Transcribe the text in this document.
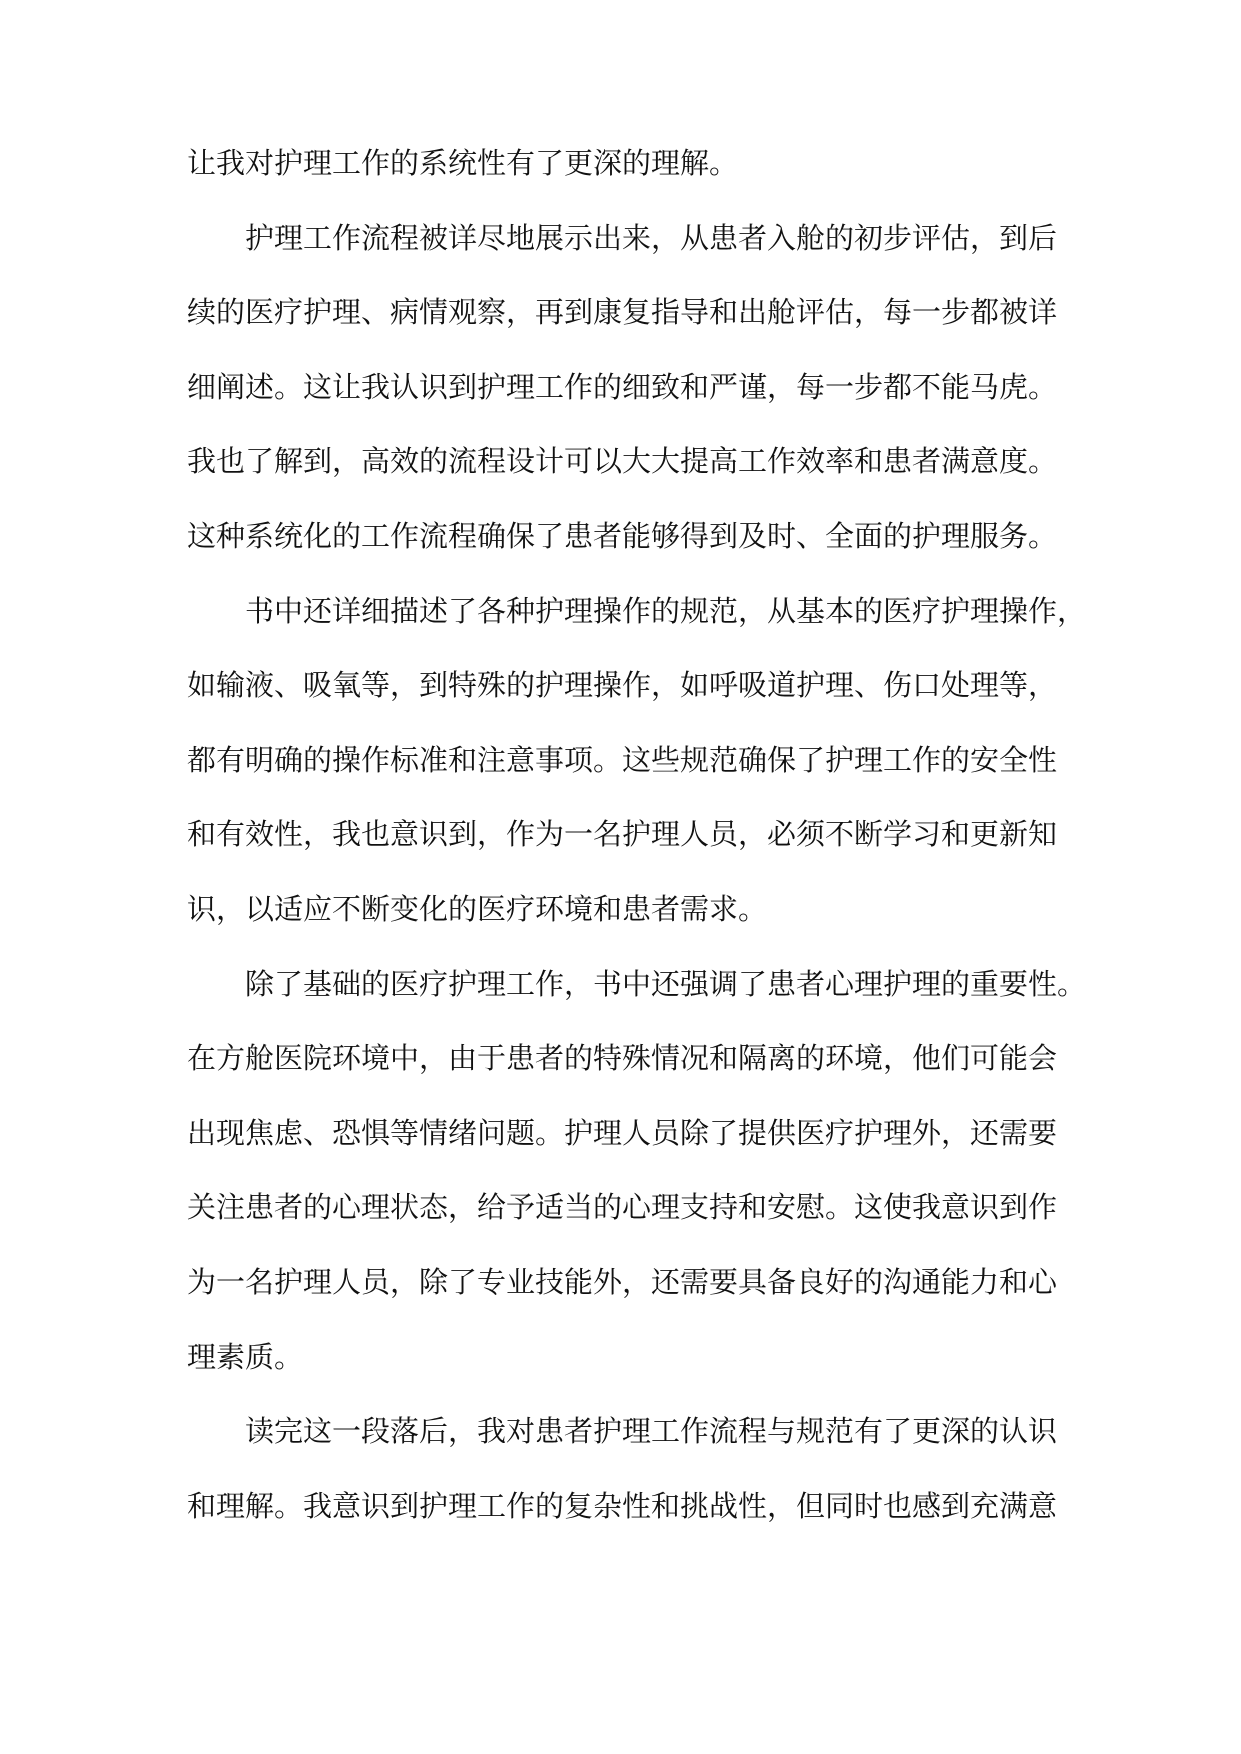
让我对护理工作的系统性有了更深的理解。
护理工作流程被详尽地展示出来，从患者入舱的初步评估，到后
续的医疗护理、病情观察，再到康复指导和出舱评估，每一步都被详
细阐述。这让我认识到护理工作的细致和严谨，每一步都不能马虎。
我也了解到，高效的流程设计可以大大提高工作效率和患者满意度。
这种系统化的工作流程确保了患者能够得到及时、全面的护理服务。
书中还详细描述了各种护理操作的规范，从基本的医疗护理操作，
如输液、吸氧等，到特殊的护理操作，如呼吸道护理、伤口处理等，
都有明确的操作标准和注意事项。这些规范确保了护理工作的安全性
和有效性，我也意识到，作为一名护理人员，必须不断学习和更新知
识，以适应不断变化的医疗环境和患者需求。
除了基础的医疗护理工作，书中还强调了患者心理护理的重要性。
在方舱医院环境中，由于患者的特殊情况和隔离的环境，他们可能会
出现焦虑、恐惧等情绪问题。护理人员除了提供医疗护理外，还需要
关注患者的心理状态，给予适当的心理支持和安慰。这使我意识到作
为一名护理人员，除了专业技能外，还需要具备良好的沟通能力和心
理素质。
读完这一段落后，我对患者护理工作流程与规范有了更深的认识
和理解。我意识到护理工作的复杂性和挑战性，但同时也感到充满意
